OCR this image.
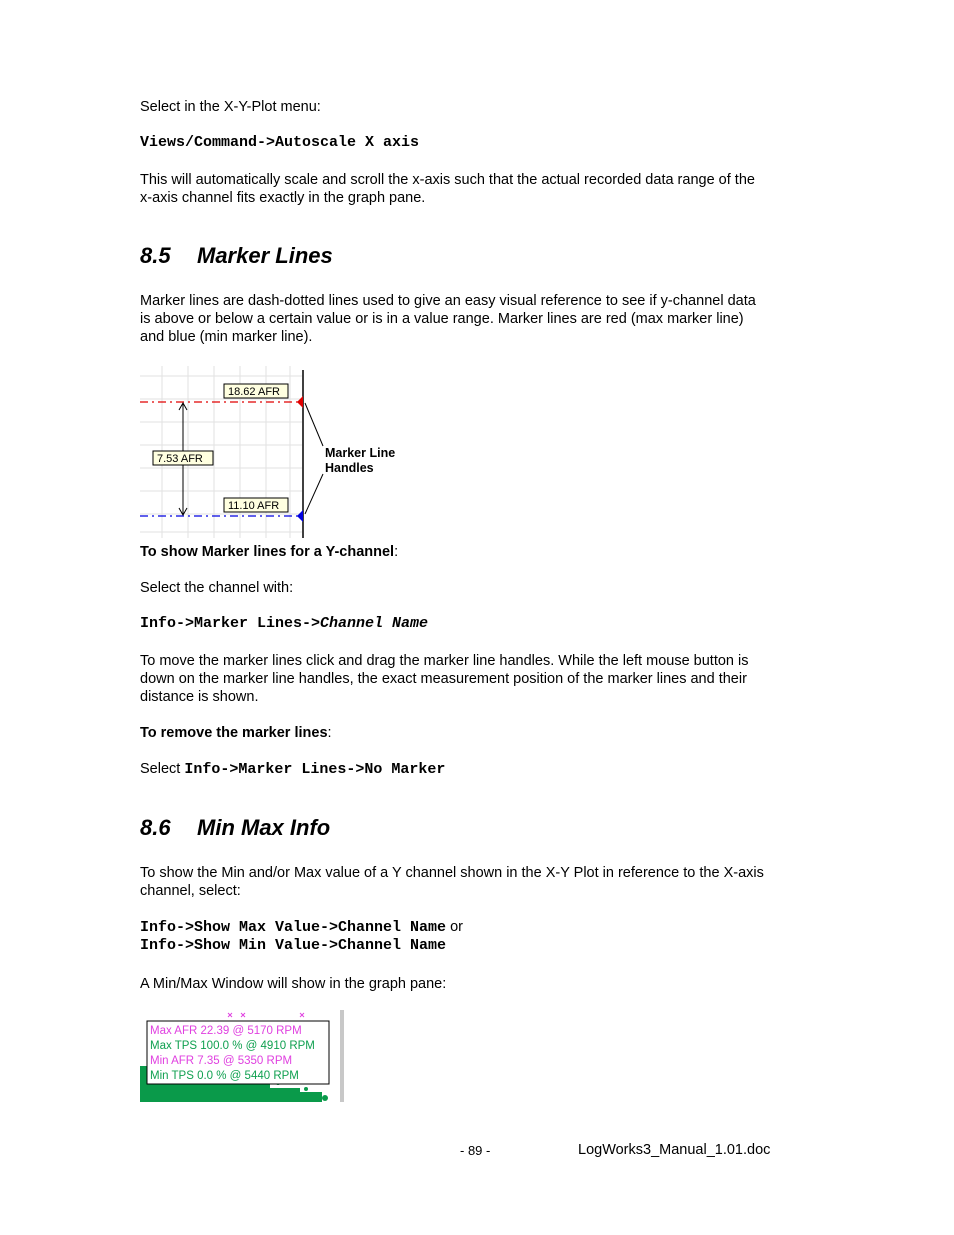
Select in the X-Y-Plot menu:

Views/Command->Autoscale X axis

This will automatically scale and scroll the x-axis such that the actual recorded data range of the

x-axis channel fits exactly in the graph pane.

8.5 Marker Lines

Marker lines are dash-dotted lines used to give an easy visual reference to see if y-channel data

is above or below a certain value or is in a value range. Marker lines are red (max marker line)

and blue (min marker line).

18.62 AFR
7.53 AFR
11.10 AFR
Marker Line
Handles

To show Marker lines for a Y-channel:

Select the channel with:

Info->Marker Lines->Channel Name

To move the marker lines click and drag the marker line handles. While the left mouse button is

down on the marker line handles, the exact measurement position of the marker lines and their

distance is shown.

To remove the marker lines:

Select Info->Marker Lines->No Marker
8.6 Min Max Info

To show the Min and/or Max value of a Y channel shown in the X-Y Plot in reference to the X-axis

channel, select:

Info->Show Max Value->Channel Name or
Info->Show Min Value->Channel Name

A Min/Max Window will show in the graph pane:

Max AFR 22.39 @ 5170 RPM
Max TPS 100.0 % @ 4910 RPM
Min AFR 7.35 @ 5350 RPM
Min TPS 0.0 % @ 5440 RPM
- 89 -	LogWorks3_Manual_1.01.doc
